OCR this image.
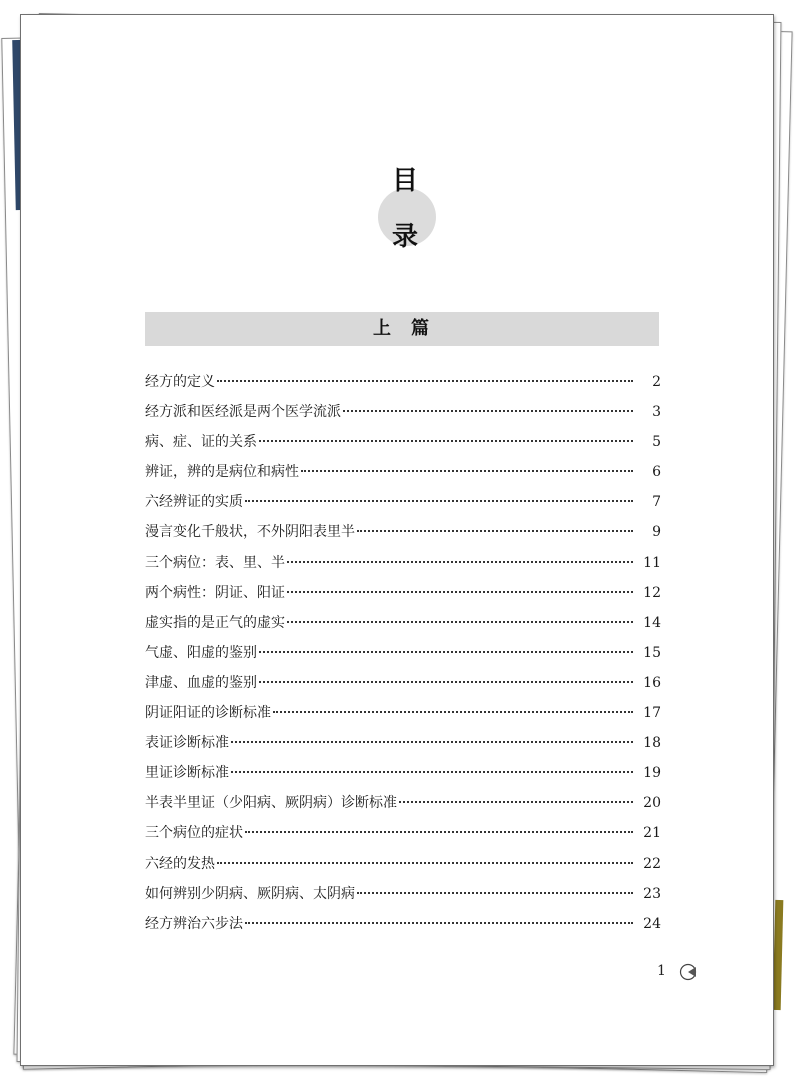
目
录
上 篇
经方的定义	2
经方派和医经派是两个医学流派	3
病、症、证的关系	5
辨证，辨的是病位和病性	6
六经辨证的实质	7
漫言变化千般状，不外阴阳表里半	9
三个病位：表、里、半	11
两个病性：阴证、阳证	12
虚实指的是正气的虚实	14
气虚、阳虚的鉴别	15
津虚、血虚的鉴别	16
阴证阳证的诊断标准	17
表证诊断标准	18
里证诊断标准	19
半表半里证（少阳病、厥阴病）诊断标准	20
三个病位的症状	21
六经的发热	22
如何辨别少阴病、厥阴病、太阴病	23
经方辨治六步法	24
1
